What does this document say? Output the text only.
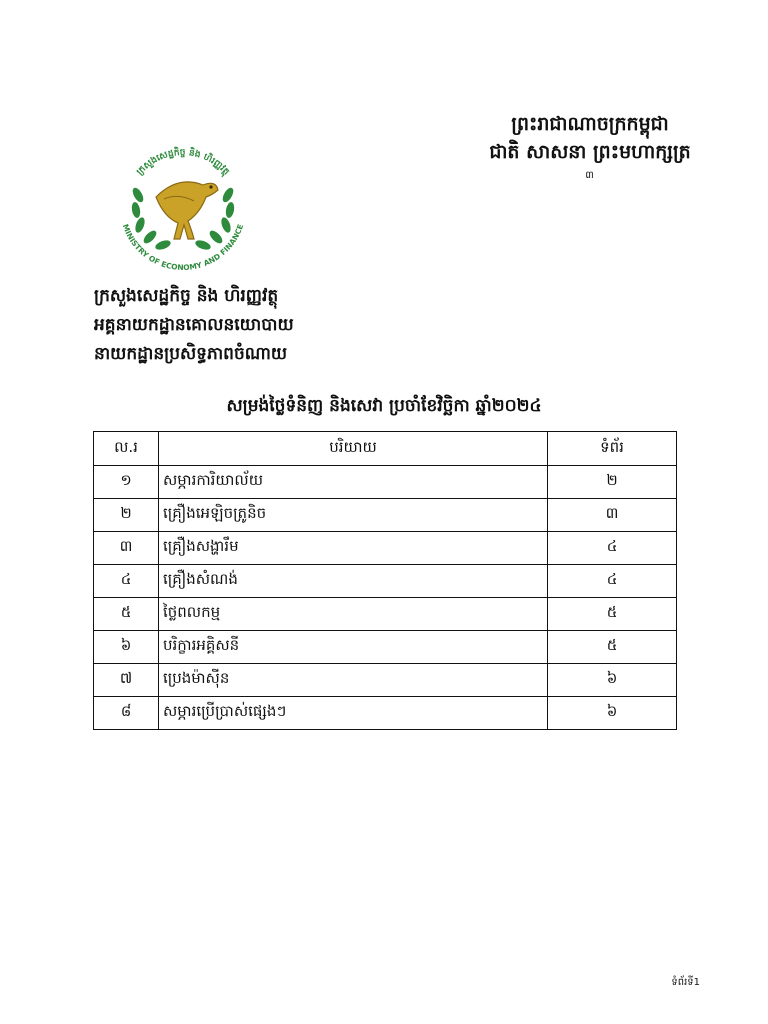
ព្រះរាជាណាចក្រកម្ពុជា
ជាតិ សាសនា ព្រះមហាក្សត្រ
៣
ក្រសួងសេដ្ឋកិច្ច និង ហិរញ្ញវត្ថុ
MINISTRY OF ECONOMY AND FINANCE
ក្រសួងសេដ្ឋកិច្ច និង ហិរញ្ញវត្ថុ
អគ្គនាយកដ្ឋានគោលនយោបាយ
នាយកដ្ឋានប្រសិទ្ធភាពចំណាយ
សម្រង់ថ្លៃទំនិញ និងសេវា ប្រចាំខែវិច្ឆិកា ឆ្នាំ២០២៤
ល.រ	បរិយាយ	ទំព័រ
១	សម្ភារការិយាល័យ	២
២	គ្រឿងអេឡិចត្រូនិច	៣
៣	គ្រឿងសង្ហារឹម	៤
៤	គ្រឿងសំណង់	៤
៥	ថ្លៃពលកម្ម	៥
៦	បរិក្ខារអគ្គិសនី	៥
៧	ប្រេងម៉ាស៊ីន	៦
៨	សម្ភារប្រើប្រាស់ផ្សេងៗ	៦
ទំព័រទី1
